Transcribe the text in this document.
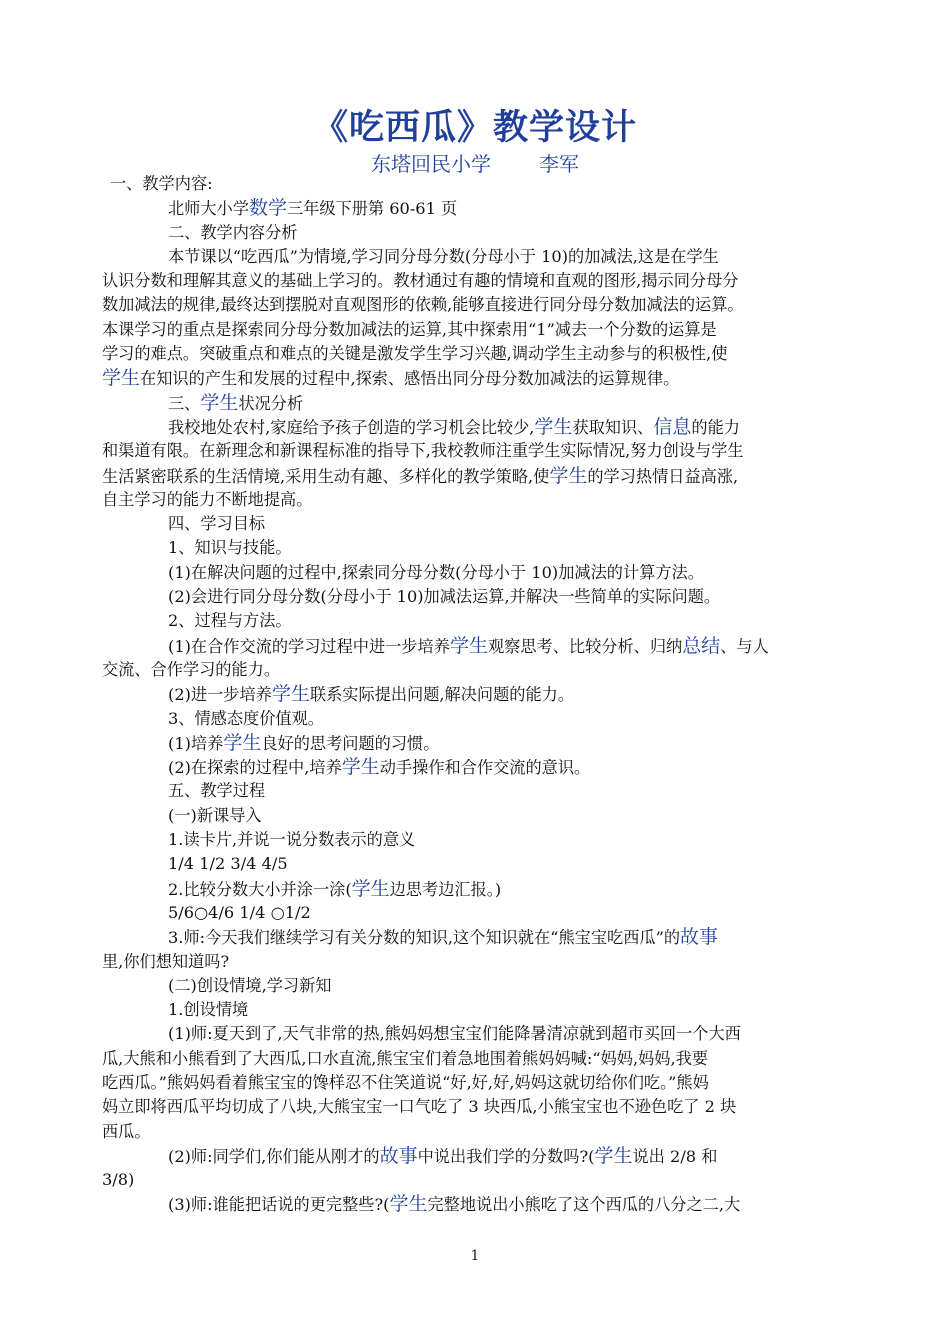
《吃西瓜》教学设计
东塔回民小学 李军
一、教学内容:
北师大小学数学三年级下册第 60-61 页
二、教学内容分析
本节课以“吃西瓜”为情境,学习同分母分数(分母小于 10)的加减法,这是在学生
认识分数和理解其意义的基础上学习的。教材通过有趣的情境和直观的图形,揭示同分母分
数加减法的规律,最终达到摆脱对直观图形的依赖,能够直接进行同分母分数加减法的运算。
本课学习的重点是探索同分母分数加减法的运算,其中探索用“1”减去一个分数的运算是
学习的难点。突破重点和难点的关键是激发学生学习兴趣,调动学生主动参与的积极性,使
学生在知识的产生和发展的过程中,探索、感悟出同分母分数加减法的运算规律。
三、学生状况分析
我校地处农村,家庭给予孩子创造的学习机会比较少,学生获取知识、信息的能力
和渠道有限。在新理念和新课程标准的指导下,我校教师注重学生实际情况,努力创设与学生
生活紧密联系的生活情境,采用生动有趣、多样化的教学策略,使学生的学习热情日益高涨,
自主学习的能力不断地提高。
四、学习目标
1、知识与技能。
(1)在解决问题的过程中,探索同分母分数(分母小于 10)加减法的计算方法。
(2)会进行同分母分数(分母小于 10)加减法运算,并解决一些简单的实际问题。
2、过程与方法。
(1)在合作交流的学习过程中进一步培养学生观察思考、比较分析、归纳总结、与人
交流、合作学习的能力。
(2)进一步培养学生联系实际提出问题,解决问题的能力。
3、情感态度价值观。
(1)培养学生良好的思考问题的习惯。
(2)在探索的过程中,培养学生动手操作和合作交流的意识。
五、教学过程
(一)新课导入
1.读卡片,并说一说分数表示的意义
1/4 1/2 3/4 4/5
2.比较分数大小并涂一涂(学生边思考边汇报。)
5/6○4/6 1/4 ○1/2
3.师:今天我们继续学习有关分数的知识,这个知识就在“熊宝宝吃西瓜”的故事
里,你们想知道吗?
(二)创设情境,学习新知
1.创设情境
(1)师:夏天到了,天气非常的热,熊妈妈想宝宝们能降暑清凉就到超市买回一个大西
瓜,大熊和小熊看到了大西瓜,口水直流,熊宝宝们着急地围着熊妈妈喊:“妈妈,妈妈,我要
吃西瓜。”熊妈妈看着熊宝宝的馋样忍不住笑道说“好,好,好,妈妈这就切给你们吃。”熊妈
妈立即将西瓜平均切成了八块,大熊宝宝一口气吃了 3 块西瓜,小熊宝宝也不逊色吃了 2 块
西瓜。
(2)师:同学们,你们能从刚才的故事中说出我们学的分数吗?(学生说出 2/8 和
3/8)
(3)师:谁能把话说的更完整些?(学生完整地说出小熊吃了这个西瓜的八分之二,大
1
